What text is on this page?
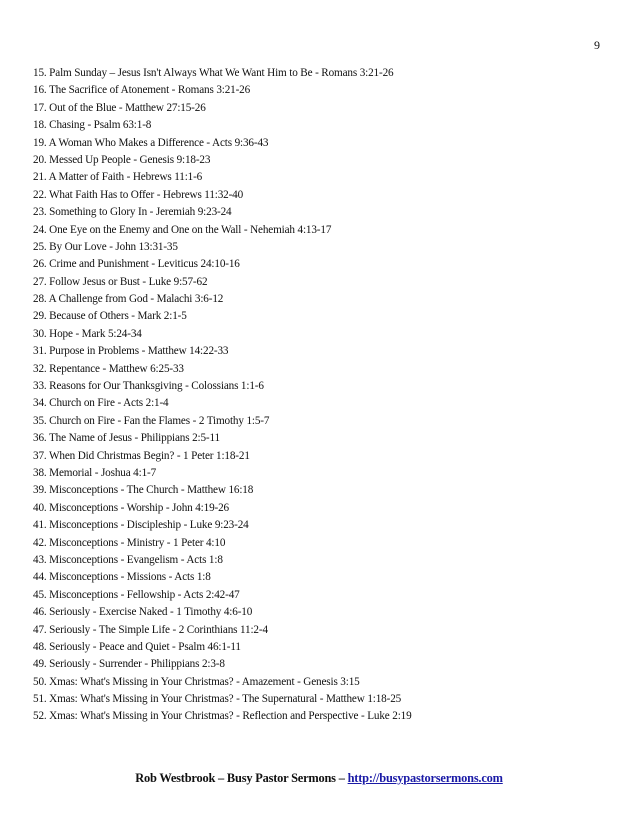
9
15. Palm Sunday – Jesus Isn't Always What We Want Him to Be - Romans 3:21-26
16. The Sacrifice of Atonement - Romans 3:21-26
17. Out of the Blue - Matthew 27:15-26
18. Chasing - Psalm 63:1-8
19. A Woman Who Makes a Difference - Acts 9:36-43
20. Messed Up People - Genesis 9:18-23
21. A Matter of Faith - Hebrews 11:1-6
22. What Faith Has to Offer - Hebrews 11:32-40
23. Something to Glory In - Jeremiah 9:23-24
24. One Eye on the Enemy and One on the Wall - Nehemiah 4:13-17
25. By Our Love - John 13:31-35
26. Crime and Punishment - Leviticus 24:10-16
27. Follow Jesus or Bust - Luke 9:57-62
28. A Challenge from God - Malachi 3:6-12
29. Because of Others - Mark 2:1-5
30. Hope - Mark 5:24-34
31. Purpose in Problems - Matthew 14:22-33
32. Repentance - Matthew 6:25-33
33. Reasons for Our Thanksgiving - Colossians 1:1-6
34. Church on Fire - Acts 2:1-4
35. Church on Fire - Fan the Flames - 2 Timothy 1:5-7
36. The Name of Jesus - Philippians 2:5-11
37. When Did Christmas Begin? - 1 Peter 1:18-21
38. Memorial - Joshua 4:1-7
39. Misconceptions - The Church - Matthew 16:18
40. Misconceptions - Worship - John 4:19-26
41. Misconceptions - Discipleship - Luke 9:23-24
42. Misconceptions - Ministry - 1 Peter 4:10
43. Misconceptions - Evangelism - Acts 1:8
44. Misconceptions - Missions - Acts 1:8
45. Misconceptions - Fellowship - Acts 2:42-47
46. Seriously - Exercise Naked - 1 Timothy 4:6-10
47. Seriously - The Simple Life - 2 Corinthians 11:2-4
48. Seriously - Peace and Quiet - Psalm 46:1-11
49. Seriously - Surrender - Philippians 2:3-8
50. Xmas: What's Missing in Your Christmas? - Amazement - Genesis 3:15
51. Xmas: What's Missing in Your Christmas? - The Supernatural - Matthew 1:18-25
52. Xmas: What's Missing in Your Christmas? - Reflection and Perspective - Luke 2:19
Rob Westbrook – Busy Pastor Sermons – http://busypastorsermons.com
